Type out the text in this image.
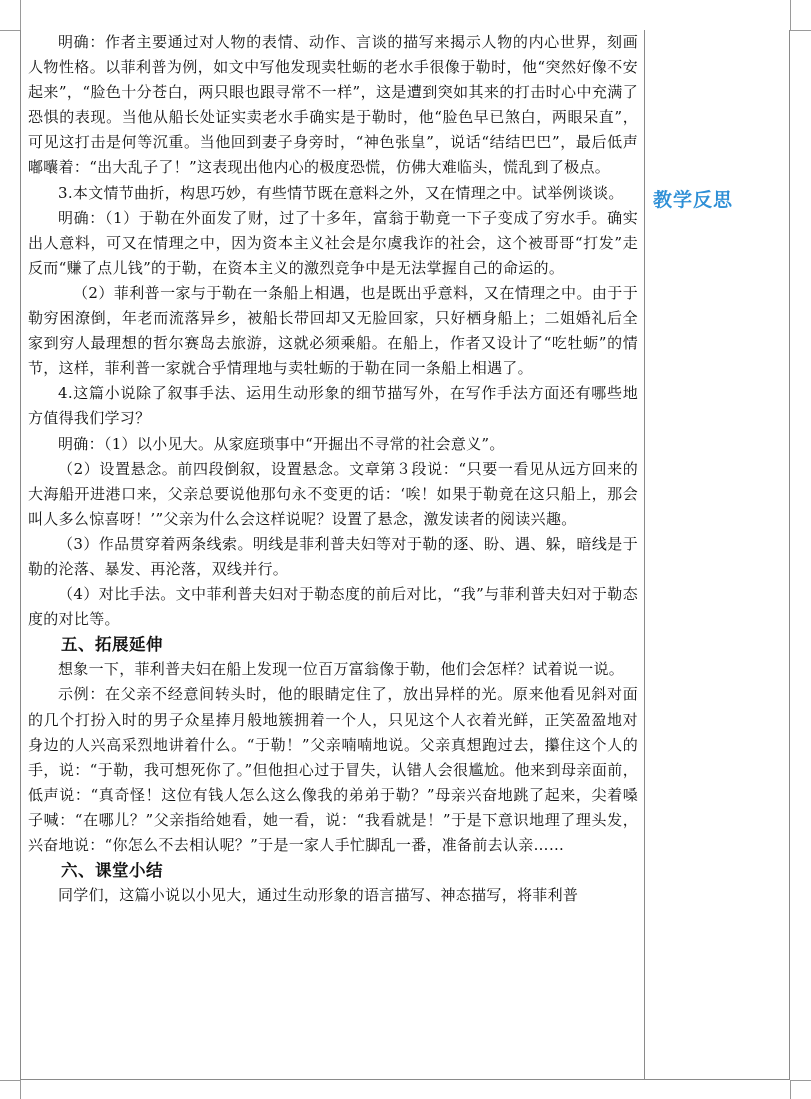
教学反思

明确：作者主要通过对人物的表情、动作、言谈的描写来揭示人物的内心世界，刻画人物性格。以菲利普为例，如文中写他发现卖牡蛎的老水手很像于勒时，他“突然好像不安起来”，“脸色十分苍白，两只眼也跟寻常不一样”，这是遭到突如其来的打击时心中充满了恐惧的表现。当他从船长处证实卖老水手确实是于勒时，他“脸色早已煞白，两眼呆直”，可见这打击是何等沉重。当他回到妻子身旁时，“神色张皇”，说话“结结巴巴”，最后低声嘟囔着：“出大乱子了！”这表现出他内心的极度恐慌，仿佛大难临头，慌乱到了极点。

3.本文情节曲折，构思巧妙，有些情节既在意料之外，又在情理之中。试举例谈谈。

明确：（1）于勒在外面发了财，过了十多年，富翁于勒竟一下子变成了穷水手。确实出人意料，可又在情理之中，因为资本主义社会是尔虞我诈的社会，这个被哥哥“打发”走反而“赚了点儿钱”的于勒，在资本主义的激烈竞争中是无法掌握自己的命运的。

（2）菲利普一家与于勒在一条船上相遇，也是既出乎意料，又在情理之中。由于于勒穷困潦倒，年老而流落异乡，被船长带回却又无脸回家，只好栖身船上；二姐婚礼后全家到穷人最理想的哲尔赛岛去旅游，这就必须乘船。在船上，作者又设计了“吃牡蛎”的情节，这样，菲利普一家就合乎情理地与卖牡蛎的于勒在同一条船上相遇了。

4.这篇小说除了叙事手法、运用生动形象的细节描写外，在写作手法方面还有哪些地方值得我们学习？

明确：（1）以小见大。从家庭琐事中“开掘出不寻常的社会意义”。

（2）设置悬念。前四段倒叙，设置悬念。文章第３段说：“只要一看见从远方回来的大海船开进港口来，父亲总要说他那句永不变更的话：‘唉！如果于勒竟在这只船上，那会叫人多么惊喜呀！’”父亲为什么会这样说呢？设置了悬念，激发读者的阅读兴趣。

（3）作品贯穿着两条线索。明线是菲利普夫妇等对于勒的逐、盼、遇、躲，暗线是于勒的沦落、暴发、再沦落，双线并行。

（4）对比手法。文中菲利普夫妇对于勒态度的前后对比，“我”与菲利普夫妇对于勒态度的对比等。

五、拓展延伸

想象一下，菲利普夫妇在船上发现一位百万富翁像于勒，他们会怎样？试着说一说。

示例：在父亲不经意间转头时，他的眼睛定住了，放出异样的光。原来他看见斜对面的几个打扮入时的男子众星捧月般地簇拥着一个人，只见这个人衣着光鲜，正笑盈盈地对身边的人兴高采烈地讲着什么。“于勒！”父亲喃喃地说。父亲真想跑过去，攥住这个人的手，说：“于勒，我可想死你了。”但他担心过于冒失，认错人会很尴尬。他来到母亲面前，低声说：“真奇怪！这位有钱人怎么这么像我的弟弟于勒？”母亲兴奋地跳了起来，尖着嗓子喊：“在哪儿？”父亲指给她看，她一看，说：“我看就是！”于是下意识地理了理头发，兴奋地说：“你怎么不去相认呢？”于是一家人手忙脚乱一番，准备前去认亲……

六、课堂小结

同学们，这篇小说以小见大，通过生动形象的语言描写、神态描写，将菲利普
